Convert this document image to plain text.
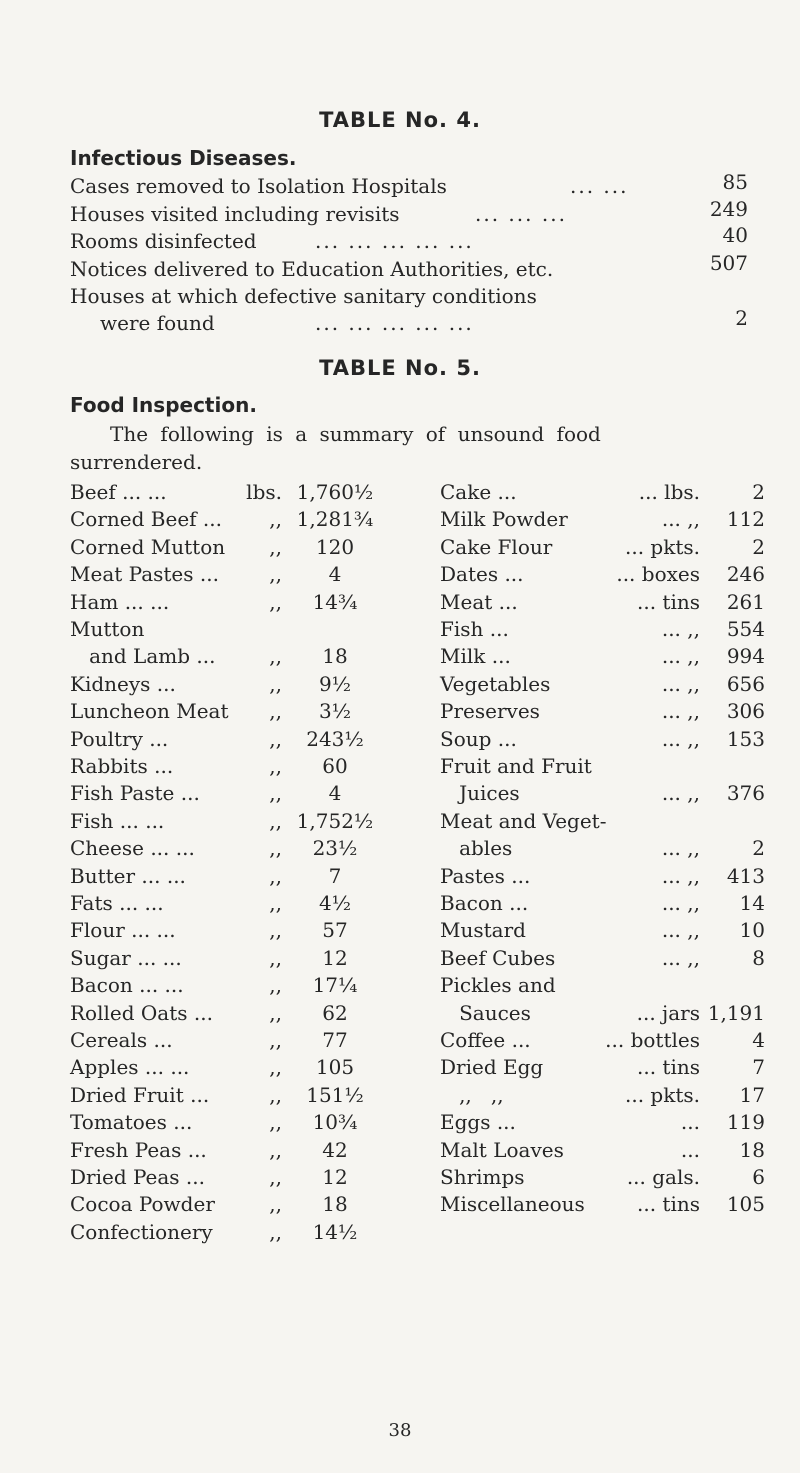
TABLE No. 4.
Infectious Diseases.
Cases removed to Isolation Hospitals	... ...	85
Houses visited including revisits	... ... ...	249
Rooms disinfected	... ... ... ... ...	40
Notices delivered to Education Authorities, etc.	507
Houses at which defective sanitary conditions
were found	... ... ... ... ...	2
TABLE No. 5.
Food Inspection.
The following is a summary of unsound food
surrendered.
Beef ... ...	lbs. 1,760½	Cake ...	... lbs.	2
Corned Beef ...	,, 1,281¾	Milk Powder	... ,,	112
Corned Mutton	,,	120	Cake Flour	... pkts.	2
Meat Pastes ...	,,	4	Dates ...	... boxes	246
Ham ... ...	,,	14¾	Meat ...	... tins	261
Mutton	Fish ...	... ,,	554
and Lamb ...	,,	18	Milk ...	... ,,	994
Kidneys ...	,,	9½	Vegetables	... ,,	656
Luncheon Meat	,,	3½	Preserves	... ,,	306
Poultry ...	,,	243½	Soup ...	... ,,	153
Rabbits ...	,,	60	Fruit and Fruit
Fish Paste ...	,,	4	Juices	... ,,	376
Fish ... ...	,, 1,752½	Meat and Veget-
Cheese ... ...	,,	23½	ables	... ,,	2
Butter ... ...	,,	7	Pastes ...	... ,,	413
Fats ... ...	,,	4½	Bacon ...	... ,,	14
Flour ... ...	,,	57	Mustard	... ,,	10
Sugar ... ...	,,	12	Beef Cubes	... ,,	8
Bacon ... ...	,,	17¼	Pickles and
Rolled Oats ...	,,	62	Sauces	... jars 1,191
Cereals ...	,,	77	Coffee ...	... bottles	4
Apples ... ...	,,	105	Dried Egg	... tins	7
Dried Fruit ...	,,	151½	,,   ,,	... pkts.	17
Tomatoes ...	,,	10¾	Eggs ...	...	119
Fresh Peas ...	,,	42	Malt Loaves	...	18
Dried Peas ...	,,	12	Shrimps	... gals.	6
Cocoa Powder	,,	18	Miscellaneous	... tins	105
Confectionery	,,	14½
38
